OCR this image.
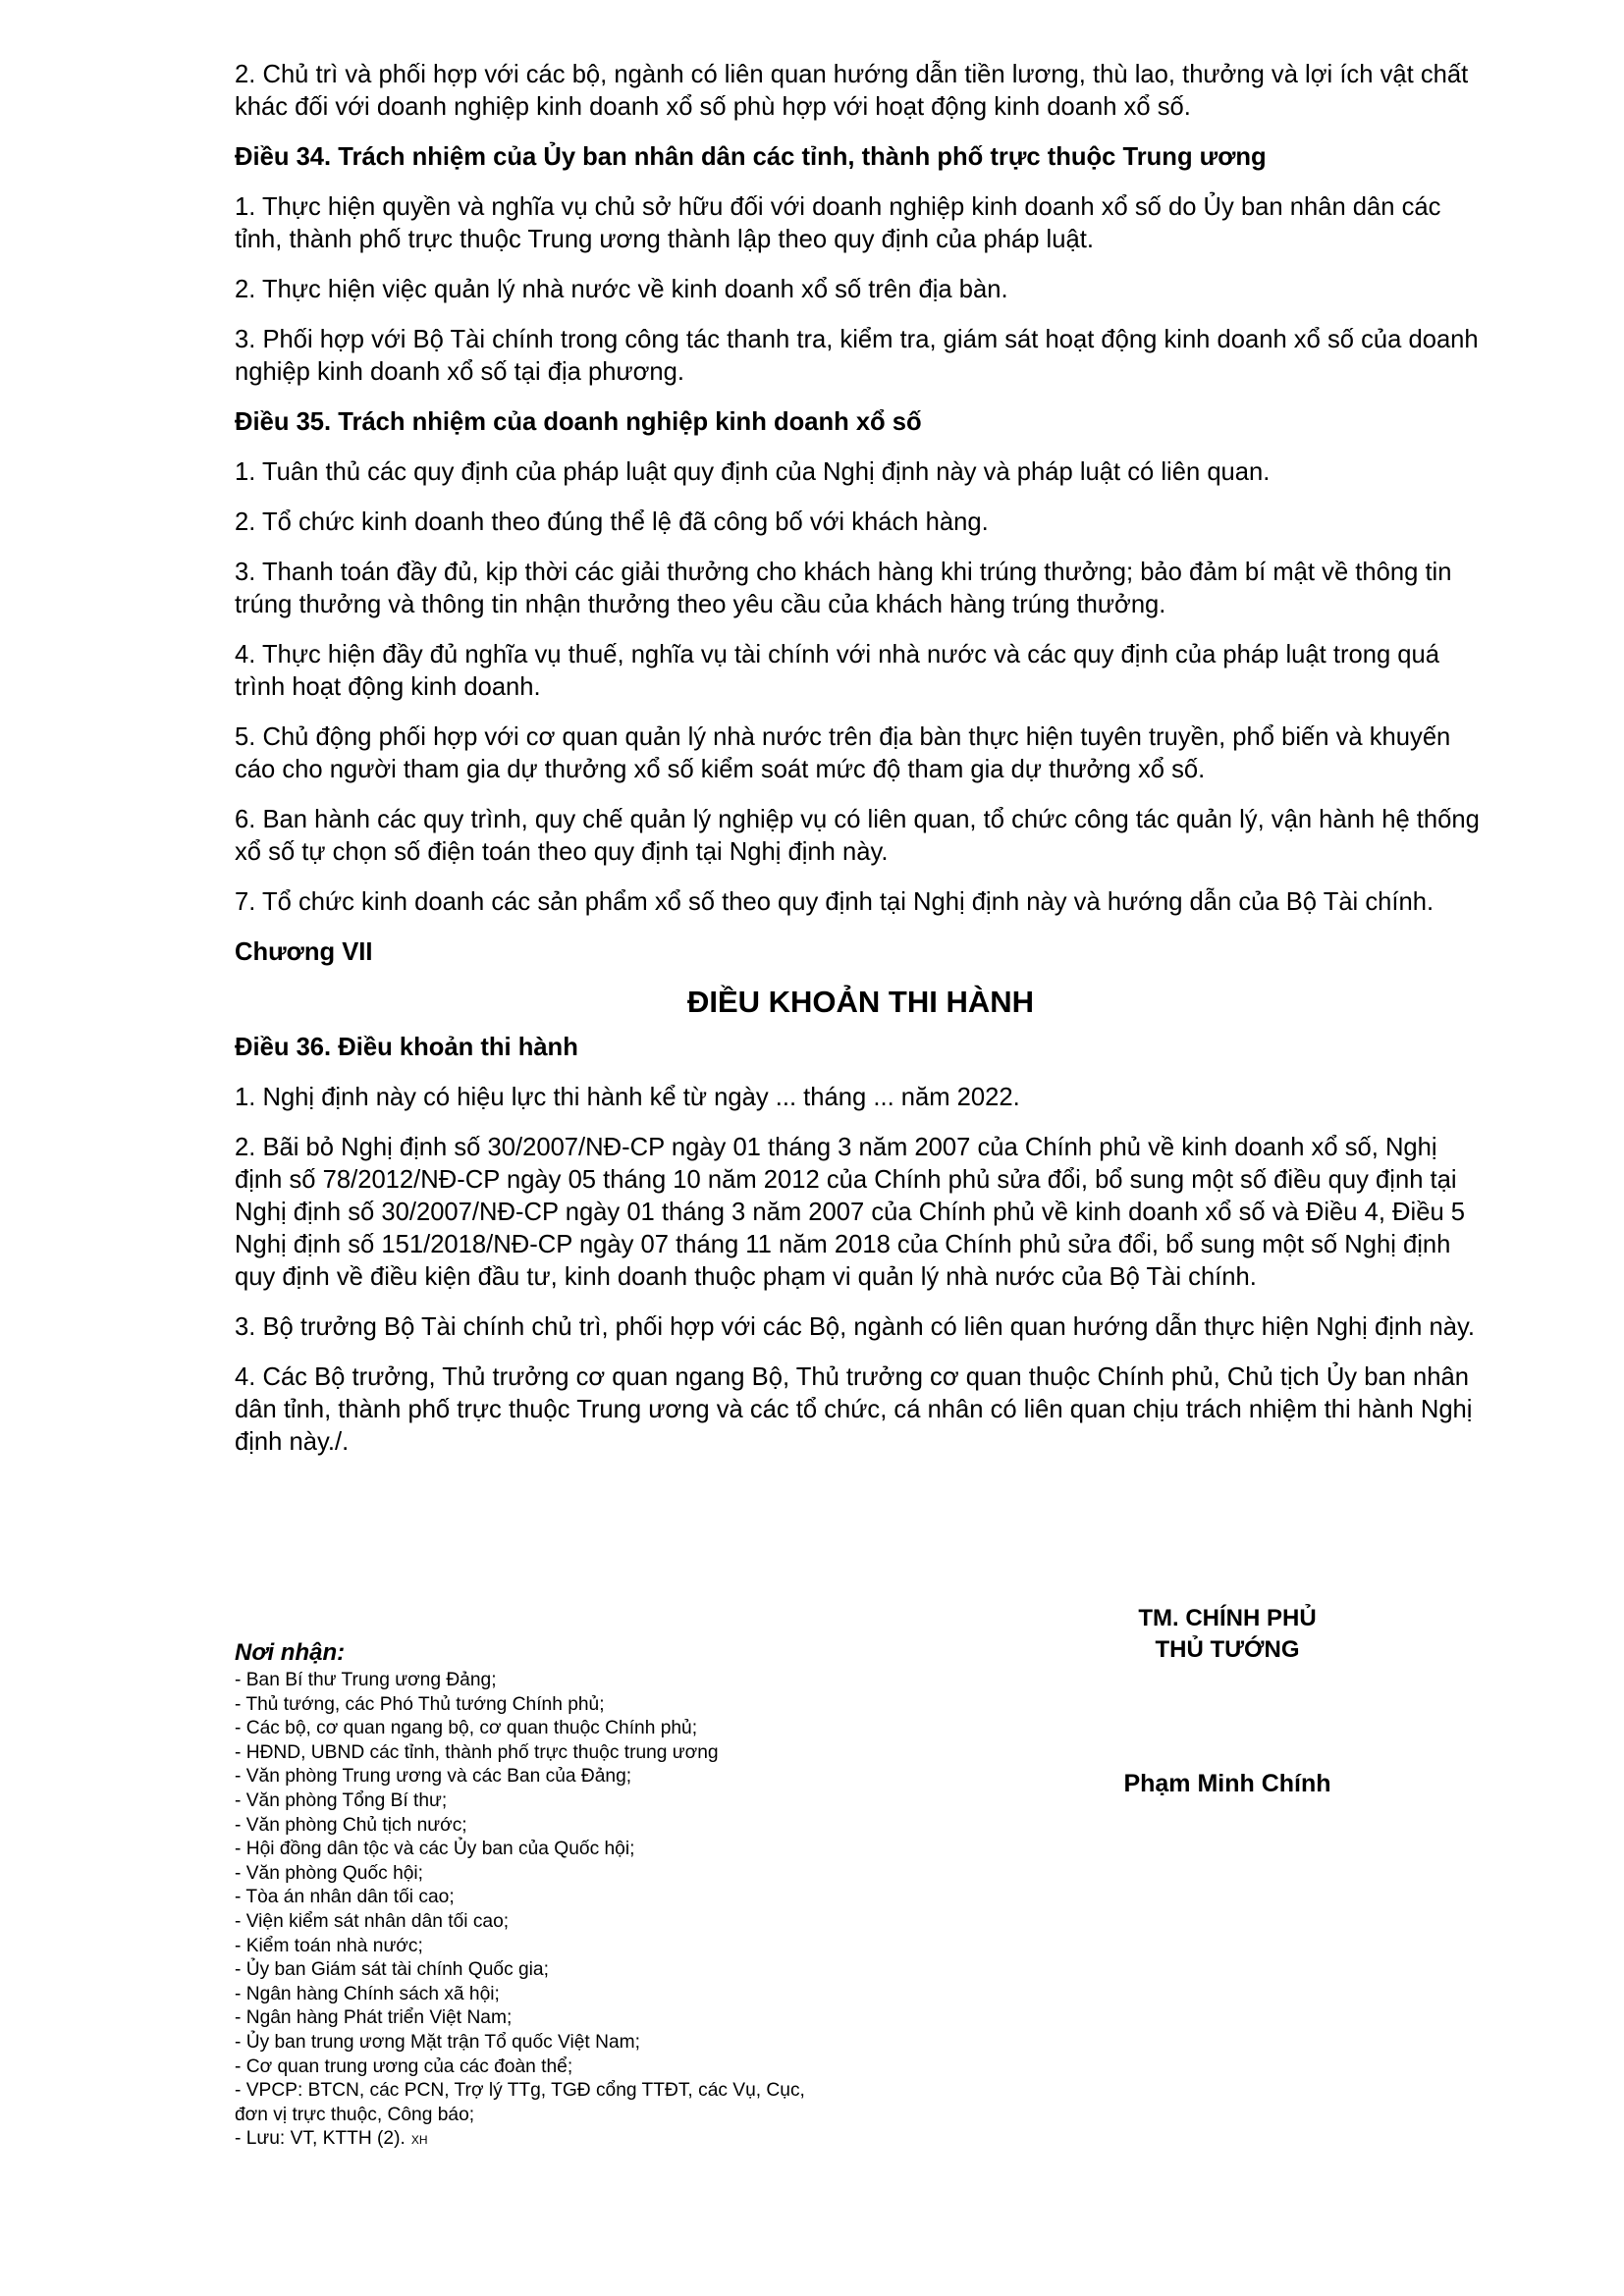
2. Chủ trì và phối hợp với các bộ, ngành có liên quan hướng dẫn tiền lương, thù lao, thưởng và lợi ích vật chất khác đối với doanh nghiệp kinh doanh xổ số phù hợp với hoạt động kinh doanh xổ số.

Điều 34. Trách nhiệm của Ủy ban nhân dân các tỉnh, thành phố trực thuộc Trung ương

1. Thực hiện quyền và nghĩa vụ chủ sở hữu đối với doanh nghiệp kinh doanh xổ số do Ủy ban nhân dân các tỉnh, thành phố trực thuộc Trung ương thành lập theo quy định của pháp luật.

2. Thực hiện việc quản lý nhà nước về kinh doanh xổ số trên địa bàn.

3. Phối hợp với Bộ Tài chính trong công tác thanh tra, kiểm tra, giám sát hoạt động kinh doanh xổ số của doanh nghiệp kinh doanh xổ số tại địa phương.

Điều 35. Trách nhiệm của doanh nghiệp kinh doanh xổ số

1. Tuân thủ các quy định của pháp luật quy định của Nghị định này và pháp luật có liên quan.

2. Tổ chức kinh doanh theo đúng thể lệ đã công bố với khách hàng.

3. Thanh toán đầy đủ, kịp thời các giải thưởng cho khách hàng khi trúng thưởng; bảo đảm bí mật về thông tin trúng thưởng và thông tin nhận thưởng theo yêu cầu của khách hàng trúng thưởng.

4. Thực hiện đầy đủ nghĩa vụ thuế, nghĩa vụ tài chính với nhà nước và các quy định của pháp luật trong quá trình hoạt động kinh doanh.

5. Chủ động phối hợp với cơ quan quản lý nhà nước trên địa bàn thực hiện tuyên truyền, phổ biến và khuyến cáo cho người tham gia dự thưởng xổ số kiểm soát mức độ tham gia dự thưởng xổ số.

6. Ban hành các quy trình, quy chế quản lý nghiệp vụ có liên quan, tổ chức công tác quản lý, vận hành hệ thống xổ số tự chọn số điện toán theo quy định tại Nghị định này.

7. Tổ chức kinh doanh các sản phẩm xổ số theo quy định tại Nghị định này và hướng dẫn của Bộ Tài chính.

Chương VII
ĐIỀU KHOẢN THI HÀNH
Điều 36. Điều khoản thi hành

1. Nghị định này có hiệu lực thi hành kể từ ngày ... tháng ... năm 2022.

2. Bãi bỏ Nghị định số 30/2007/NĐ-CP ngày 01 tháng 3 năm 2007 của Chính phủ về kinh doanh xổ số, Nghị định số 78/2012/NĐ-CP ngày 05 tháng 10 năm 2012 của Chính phủ sửa đổi, bổ sung một số điều quy định tại Nghị định số 30/2007/NĐ-CP ngày 01 tháng 3 năm 2007 của Chính phủ về kinh doanh xổ số và Điều 4, Điều 5 Nghị định số 151/2018/NĐ-CP ngày 07 tháng 11 năm 2018 của Chính phủ sửa đổi, bổ sung một số Nghị định quy định về điều kiện đầu tư, kinh doanh thuộc phạm vi quản lý nhà nước của Bộ Tài chính.

3. Bộ trưởng Bộ Tài chính chủ trì, phối hợp với các Bộ, ngành có liên quan hướng dẫn thực hiện Nghị định này.

4. Các Bộ trưởng, Thủ trưởng cơ quan ngang Bộ, Thủ trưởng cơ quan thuộc Chính phủ, Chủ tịch Ủy ban nhân dân tỉnh, thành phố trực thuộc Trung ương và các tổ chức, cá nhân có liên quan chịu trách nhiệm thi hành Nghị định này./.

Nơi nhận:
- Ban Bí thư Trung ương Đảng;
- Thủ tướng, các Phó Thủ tướng Chính phủ;
- Các bộ, cơ quan ngang bộ, cơ quan thuộc Chính phủ;
- HĐND, UBND các tỉnh, thành phố trực thuộc trung ương
- Văn phòng Trung ương và các Ban của Đảng;
- Văn phòng Tổng Bí thư;
- Văn phòng Chủ tịch nước;
- Hội đồng dân tộc và các Ủy ban của Quốc hội;
- Văn phòng Quốc hội;
- Tòa án nhân dân tối cao;
- Viện kiểm sát nhân dân tối cao;
- Kiểm toán nhà nước;
- Ủy ban Giám sát tài chính Quốc gia;
- Ngân hàng Chính sách xã hội;
- Ngân hàng Phát triển Việt Nam;
- Ủy ban trung ương Mặt trận Tổ quốc Việt Nam;
- Cơ quan trung ương của các đoàn thể;
- VPCP: BTCN, các PCN, Trợ lý TTg, TGĐ cổng TTĐT, các Vụ, Cục,
đơn vị trực thuộc, Công báo;
- Lưu: VT, KTTH (2). XH
TM. CHÍNH PHỦ
THỦ TƯỚNG
Phạm Minh Chính
